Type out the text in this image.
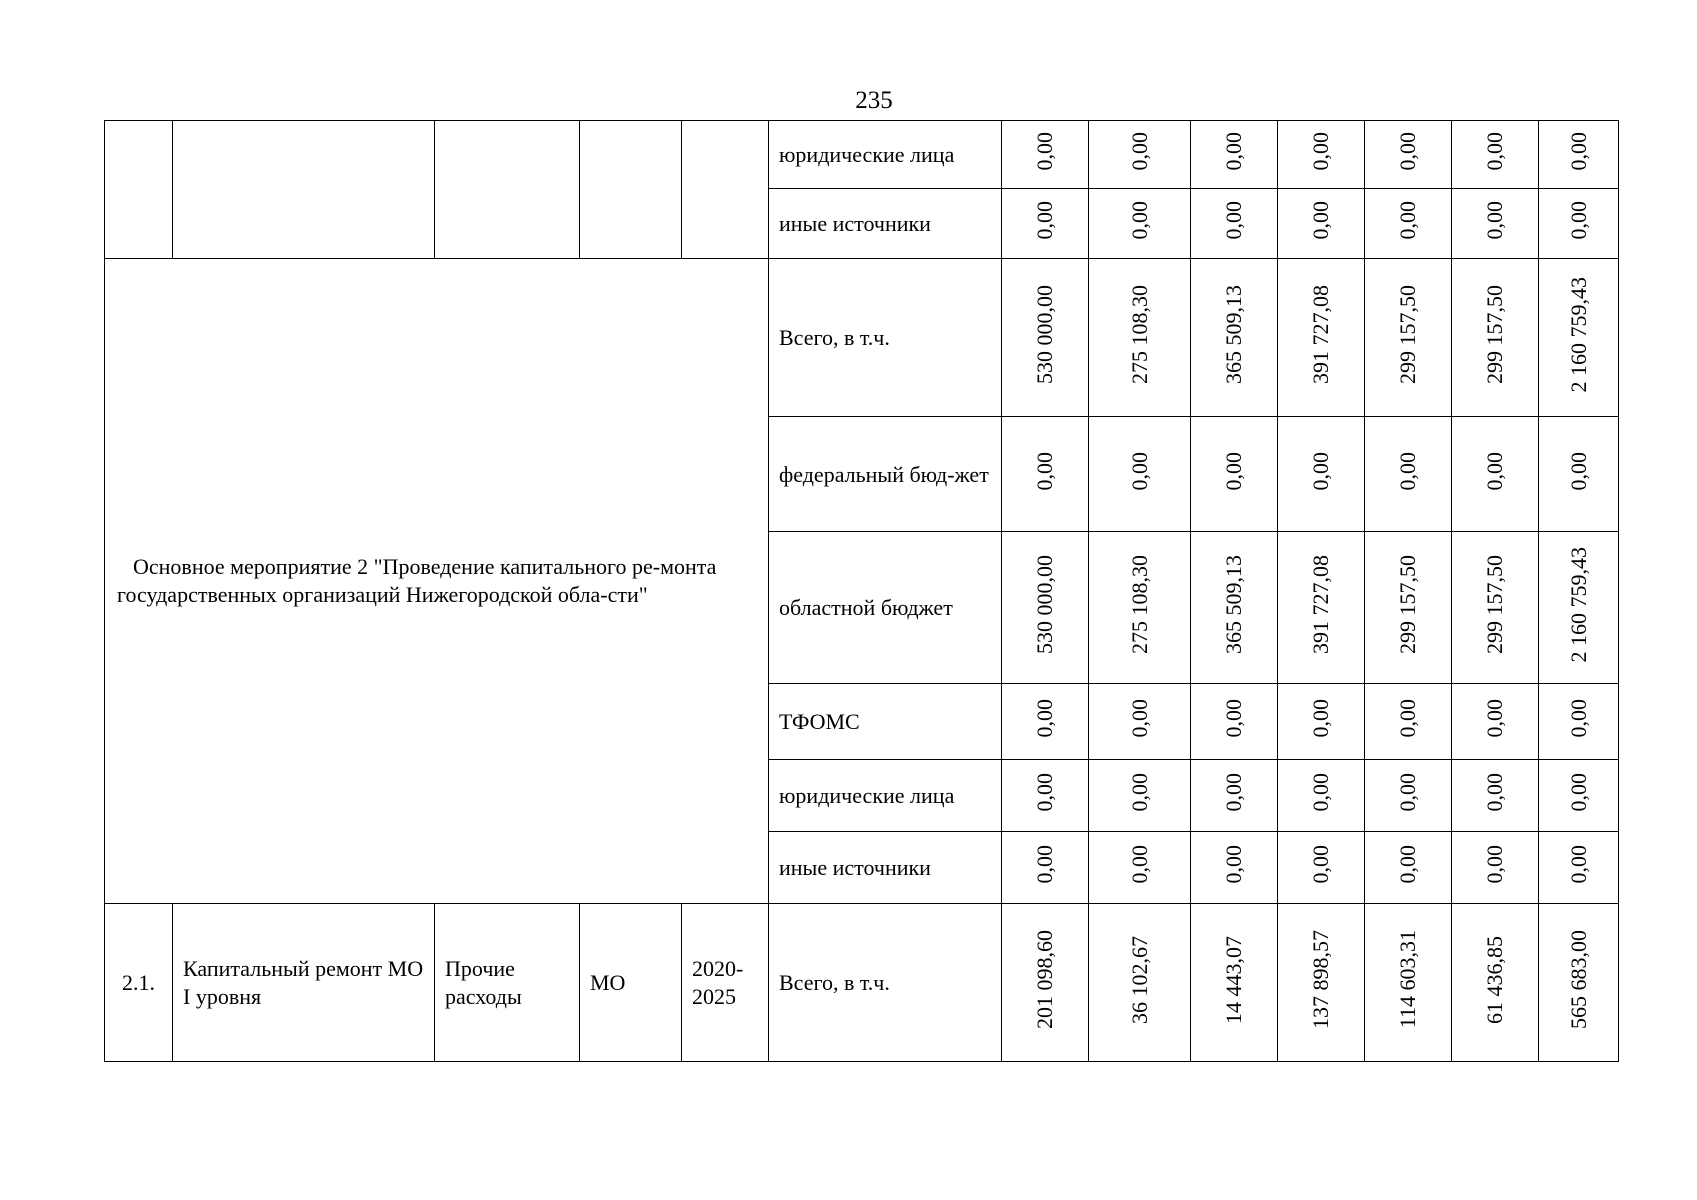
235
					юридические лица	0,00	0,00	0,00	0,00	0,00	0,00	0,00
					иные источники	0,00	0,00	0,00	0,00	0,00	0,00	0,00
Основное мероприятие 2 "Проведение капитального ре-монта государственных организаций Нижегородской обла-сти"					Всего, в т.ч.	530 000,00	275 108,30	365 509,13	391 727,08	299 157,50	299 157,50	2 160 759,43
					федеральный бюд-жет	0,00	0,00	0,00	0,00	0,00	0,00	0,00
					областной бюджет	530 000,00	275 108,30	365 509,13	391 727,08	299 157,50	299 157,50	2 160 759,43
					ТФОМС	0,00	0,00	0,00	0,00	0,00	0,00	0,00
					юридические лица	0,00	0,00	0,00	0,00	0,00	0,00	0,00
					иные источники	0,00	0,00	0,00	0,00	0,00	0,00	0,00
2.1.	Капитальный ремонт МО I уровня	Прочие расходы	МО	2020-2025	Всего, в т.ч.	201 098,60	36 102,67	14 443,07	137 898,57	114 603,31	61 436,85	565 683,00
